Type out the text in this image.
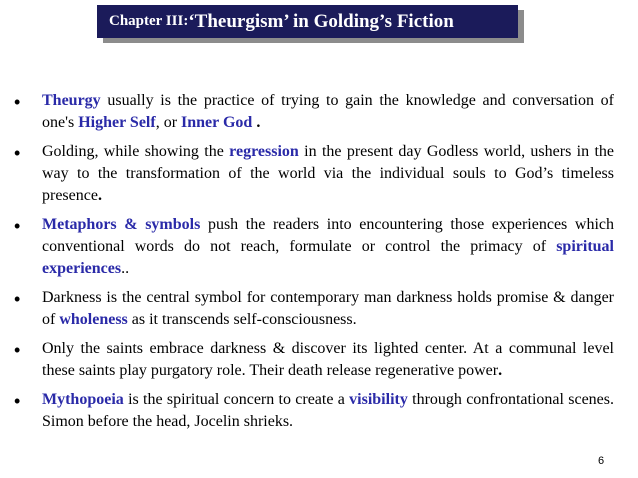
Chapter III : ‘Theurgism’ in Golding’s Fiction
• Theurgy usually is the practice of trying to gain the knowledge and conversation of one's Higher Self, or Inner God .
• Golding, while showing the regression in the present day Godless world, ushers in the way to the transformation of the world via the individual souls to God’s timeless presence.
• Metaphors & symbols push the readers into encountering those experiences which conventional words do not reach, formulate or control the primacy of spiritual experiences..
• Darkness is the central symbol for contemporary man darkness holds promise & danger of wholeness as it transcends self-consciousness.
• Only the saints embrace darkness & discover its lighted center. At a communal level these saints play purgatory role. Their death release regenerative power.
• Mythopoeia is the spiritual concern to create a visibility through confrontational scenes. Simon before the head, Jocelin shrieks.
6
